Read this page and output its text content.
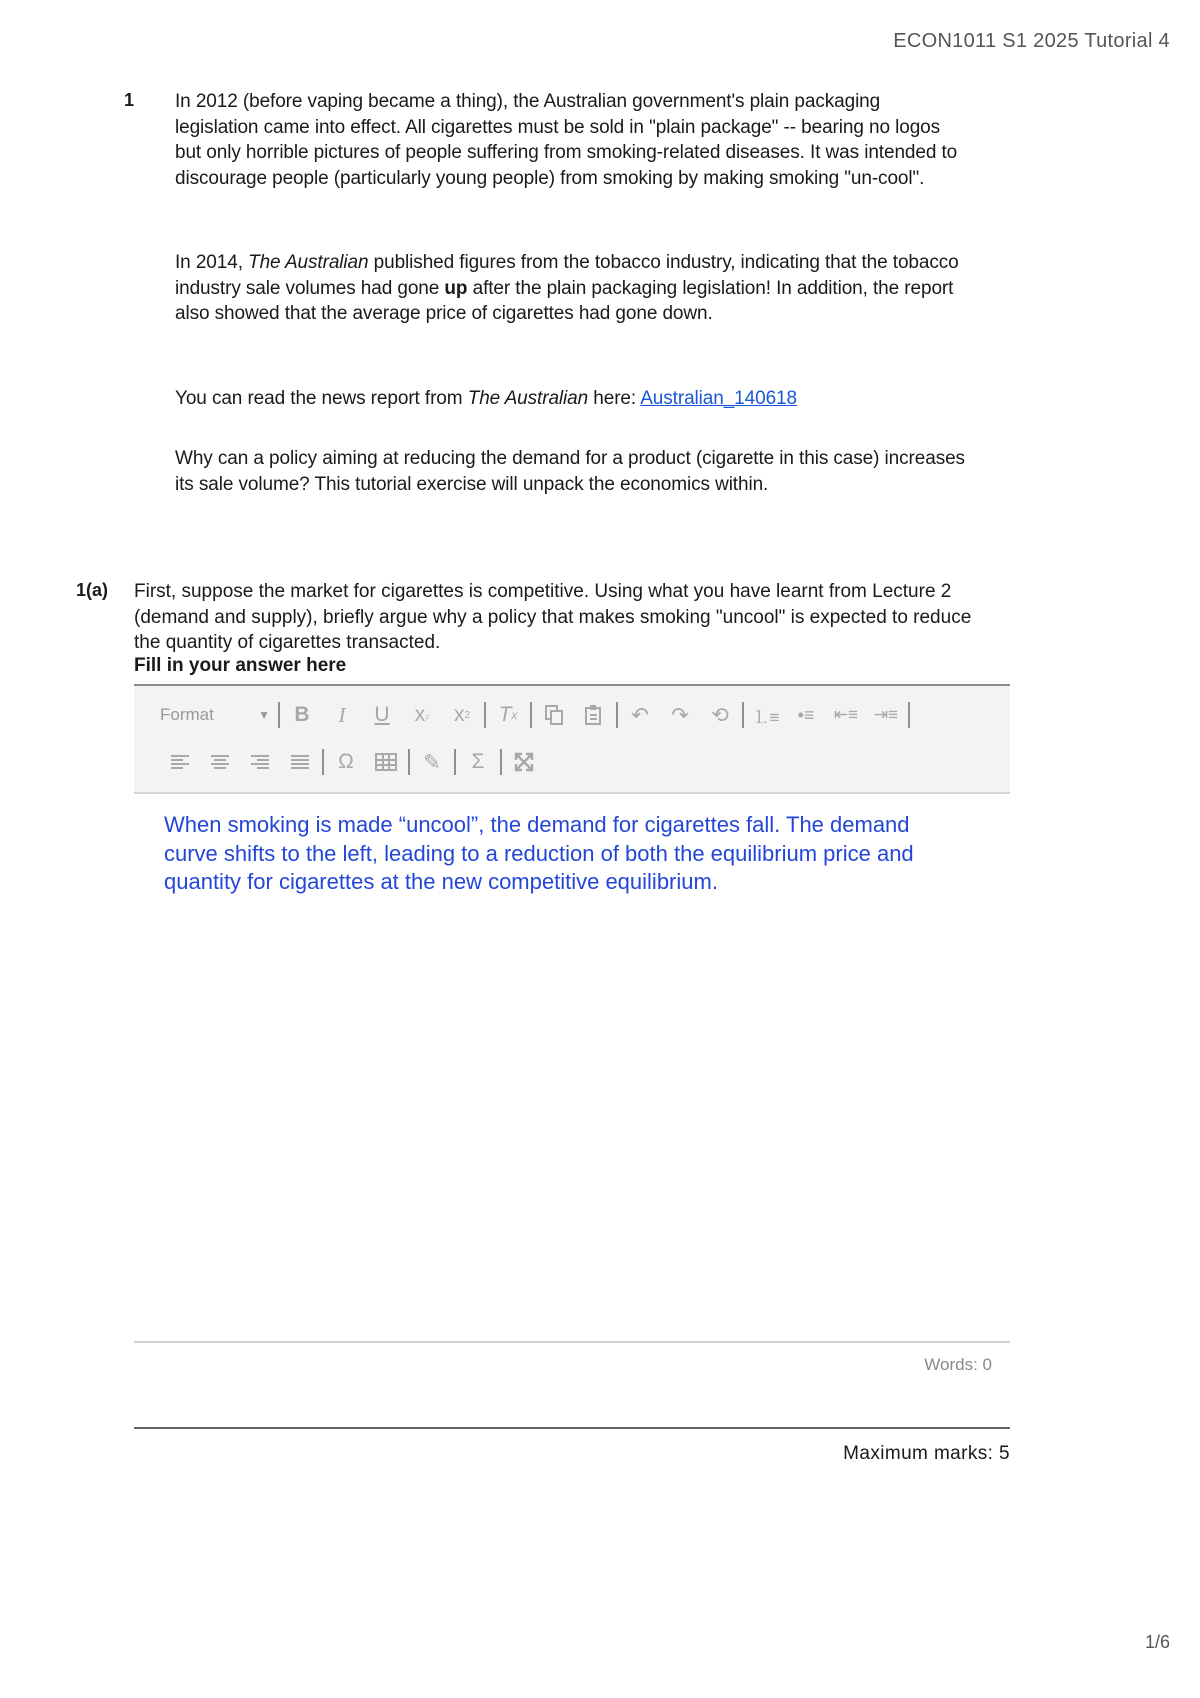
ECON1011 S1 2025 Tutorial 4
1 In 2012 (before vaping became a thing), the Australian government's plain packaging legislation came into effect. All cigarettes must be sold in "plain package" -- bearing no logos but only horrible pictures of people suffering from smoking-related diseases. It was intended to discourage people (particularly young people) from smoking by making smoking "un-cool".

In 2014, The Australian published figures from the tobacco industry, indicating that the tobacco industry sale volumes had gone up after the plain packaging legislation! In addition, the report also showed that the average price of cigarettes had gone down.

You can read the news report from The Australian here: Australian_140618

Why can a policy aiming at reducing the demand for a product (cigarette in this case) increases its sale volume? This tutorial exercise will unpack the economics within.

1(a) First, suppose the market for cigarettes is competitive. Using what you have learnt from Lecture 2 (demand and supply), briefly argue why a policy that makes smoking "uncool" is expected to reduce the quantity of cigarettes transacted.
Fill in your answer here
Format	▼	B	I	U	x ₂	x 2	T x	↶	↷	⟲	⒈≡	•≡	⇤≡ ⇥≡
Ω	✎	Σ
When smoking is made “uncool”, the demand for cigarettes fall. The demand curve shifts to the left, leading to a reduction of both the equilibrium price and quantity for cigarettes at the new competitive equilibrium.
Words: 0
Maximum marks: 5
1/6
